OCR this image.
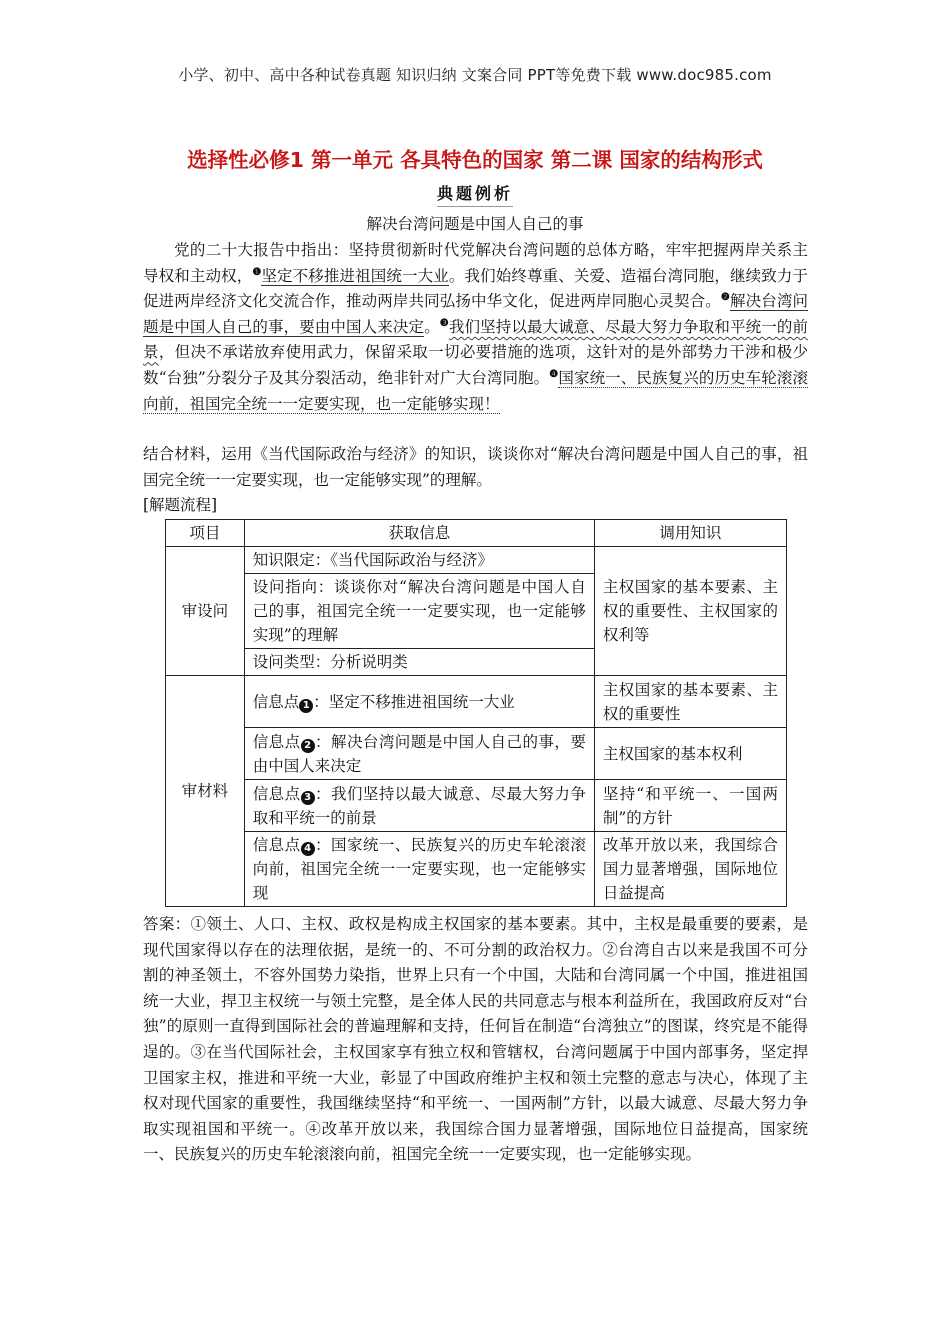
小学、初中、高中各种试卷真题 知识归纳 文案合同 PPT等免费下载 www.doc985.com
选择性必修1 第一单元 各具特色的国家 第二课 国家的结构形式
典题例析
解决台湾问题是中国人自己的事

党的二十大报告中指出：坚持贯彻新时代党解决台湾问题的总体方略，牢牢把握两岸关系主导权和主动权，$^❶$坚定不移推进祖国统一大业。我们始终尊重、关爱、造福台湾同胞，继续致力于促进两岸经济文化交流合作，推动两岸共同弘扬中华文化，促进两岸同胞心灵契合。$^❷$解决台湾问题是中国人自己的事，要由中国人来决定。$^❸$我们坚持以最大诚意、尽最大努力争取和平统一的前景，但决不承诺放弃使用武力，保留采取一切必要措施的选项，这针对的是外部势力干涉和极少数“台独”分裂分子及其分裂活动，绝非针对广大台湾同胞。$^❹$国家统一、民族复兴的历史车轮滚滚向前，祖国完全统一一定要实现，也一定能够实现！

结合材料，运用《当代国际政治与经济》的知识，谈谈你对“解决台湾问题是中国人自己的事，祖国完全统一一定要实现，也一定能够实现”的理解。

[解题流程]
项目	获取信息	调用知识
审设问	知识限定：《当代国际政治与经济》	主权国家的基本要素、主权的重要性、主权国家的权利等
	设问指向：谈谈你对“解决台湾问题是中国人自己的事，祖国完全统一一定要实现，也一定能够实现”的理解	
	设问类型：分析说明类	
审材料	信息点 1 ：坚定不移推进祖国统一大业	主权国家的基本要素、主权的重要性
	信息点 2 ：解决台湾问题是中国人自己的事，要由中国人来决定	主权国家的基本权利
	信息点 3 ：我们坚持以最大诚意、尽最大努力争取和平统一的前景	坚持“和平统一、一国两制”的方针
	信息点 4 ：国家统一、民族复兴的历史车轮滚滚向前，祖国完全统一一定要实现，也一定能够实现	改革开放以来，我国综合国力显著增强，国际地位日益提高

答案：①领土、人口、主权、政权是构成主权国家的基本要素。其中，主权是最重要的要素，是现代国家得以存在的法理依据，是统一的、不可分割的政治权力。②台湾自古以来是我国不可分割的神圣领土，不容外国势力染指，世界上只有一个中国，大陆和台湾同属一个中国，推进祖国统一大业，捍卫主权统一与领土完整，是全体人民的共同意志与根本利益所在，我国政府反对“台独”的原则一直得到国际社会的普遍理解和支持，任何旨在制造“台湾独立”的图谋，终究是不能得逞的。③在当代国际社会，主权国家享有独立权和管辖权，台湾问题属于中国内部事务，坚定捍卫国家主权，推进和平统一大业，彰显了中国政府维护主权和领土完整的意志与决心，体现了主权对现代国家的重要性，我国继续坚持“和平统一、一国两制”方针，以最大诚意、尽最大努力争取实现祖国和平统一。④改革开放以来，我国综合国力显著增强，国际地位日益提高，国家统一、民族复兴的历史车轮滚滚向前，祖国完全统一一定要实现，也一定能够实现。
